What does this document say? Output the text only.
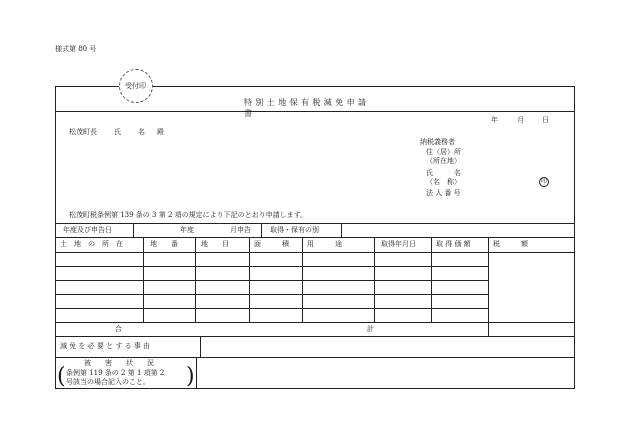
様式第 80 号
受付印
特別土地保有税減免申請書
年	月	日
松茂町長 氏 名 殿
納税義務者
住（居）所
（所在地）
氏　　　名
（名　称）	印
法 人 番 号
松茂町税条例第 139 条の 3 第 2 項の規定により下記のとおり申請します。
年度及び申告日	年度	月申告	取得・保有の別
土　地　の　所　在	地　　番	地　　目	面　　　積	用　　　途	取得年月日	取 得 価 額	税　　　額
合	計
減 免 を 必 要 と す る 事 由
被　　害　　状　　況
( 条例第 119 条の 2 第 1 項第 2
号該当の場合記入のこと。 )
